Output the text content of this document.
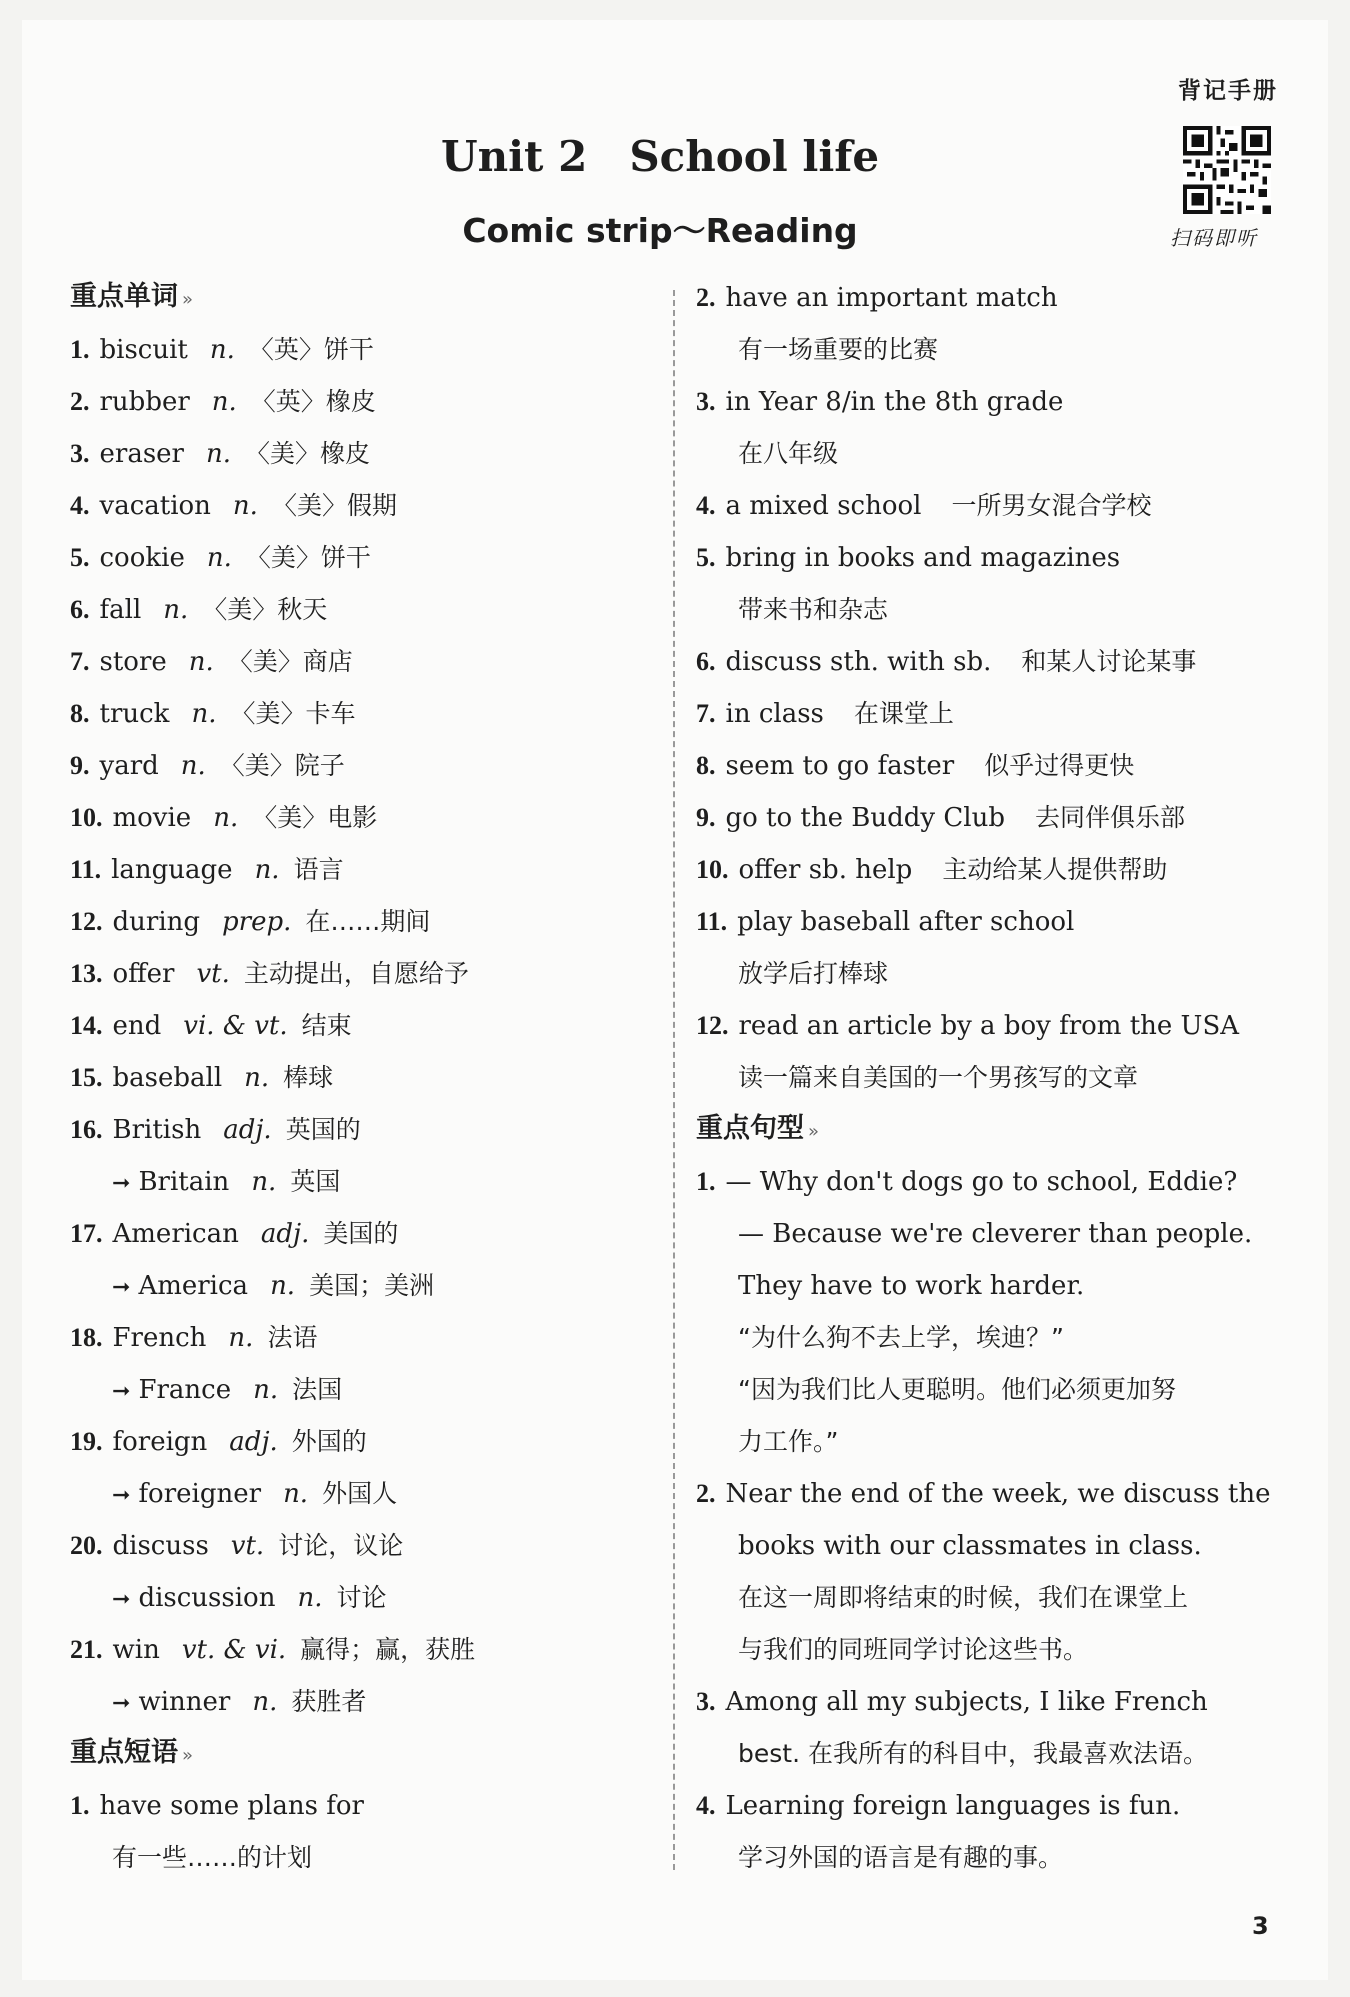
背记手册
Unit 2 School life
Comic strip～Reading	扫码即听
重点单词 »
1. biscuit n. 〈英〉饼干
2. rubber n. 〈英〉橡皮
3. eraser n. 〈美〉橡皮
4. vacation n. 〈美〉假期
5. cookie n. 〈美〉饼干
6. fall n. 〈美〉秋天
7. store n. 〈美〉商店
8. truck n. 〈美〉卡车
9. yard n. 〈美〉院子
10. movie n. 〈美〉电影
11. language n. 语言
12. during prep. 在……期间
13. offer vt. 主动提出，自愿给予
14. end vi. & vt. 结束
15. baseball n. 棒球
16. British adj. 英国的
➞ Britain n. 英国
17. American adj. 美国的
➞ America n. 美国；美洲
18. French n. 法语
➞ France n. 法国
19. foreign adj. 外国的
➞ foreigner n. 外国人
20. discuss vt. 讨论，议论
➞ discussion n. 讨论
21. win vt. & vi. 赢得；赢，获胜
➞ winner n. 获胜者
重点短语 »
1. have some plans for
有一些……的计划
2. have an important match
有一场重要的比赛
3. in Year 8/in the 8th grade
在八年级
4. a mixed school 一所男女混合学校
5. bring in books and magazines
带来书和杂志
6. discuss sth. with sb. 和某人讨论某事
7. in class 在课堂上
8. seem to go faster 似乎过得更快
9. go to the Buddy Club 去同伴俱乐部
10. offer sb. help 主动给某人提供帮助
11. play baseball after school
放学后打棒球
12. read an article by a boy from the USA
读一篇来自美国的一个男孩写的文章
重点句型 »
1. — Why don't dogs go to school, Eddie?
— Because we're cleverer than people.
They have to work harder.
“为什么狗不去上学，埃迪？”
“因为我们比人更聪明。他们必须更加努
力工作。”
2. Near the end of the week, we discuss the
books with our classmates in class.
在这一周即将结束的时候，我们在课堂上
与我们的同班同学讨论这些书。
3. Among all my subjects, I like French
best. 在我所有的科目中，我最喜欢法语。
4. Learning foreign languages is fun.
学习外国的语言是有趣的事。
3
